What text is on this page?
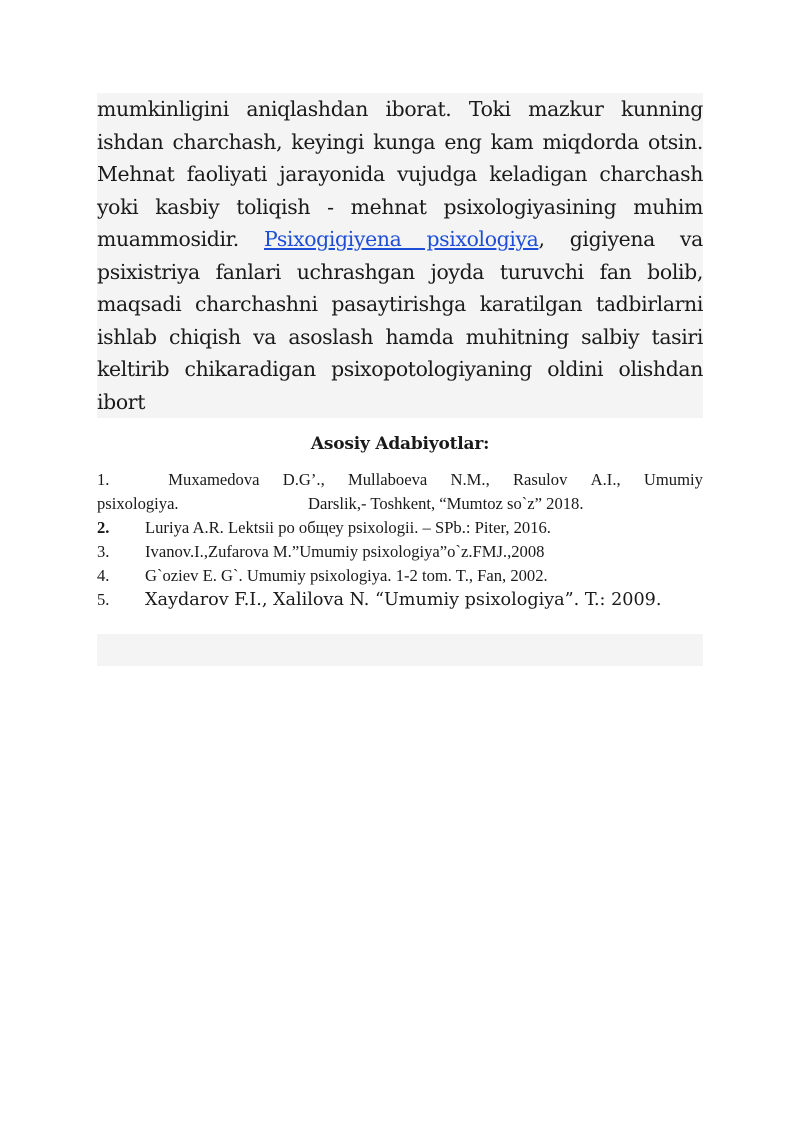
mumkinligini aniqlashdan iborat. Toki mazkur kunning ishdan charchash, keyingi kunga eng kam miqdorda otsin. Mehnat faoliyati jarayonida vujudga keladigan charchash yoki kasbiy toliqish - mehnat psixologiyasining muhim muammosidir. Psixogigiyena psixologiya, gigiyena va psixistriya fanlari uchrashgan joyda turuvchi fan bolib, maqsadi charchashni pasaytirishga karatilgan tadbirlarni ishlab chiqish va asoslash hamda muhitning salbiy tasiri keltirib chikaradigan psixopotologiyaning oldini olishdan ibort

Asosiy Adabiyotlar:
1.	Muxamedova D.G’., Mullaboeva N.M., Rasulov A.I., Umumiy
psixologiya.	Darslik,- Toshkent, “Mumtoz so`z” 2018.
2.	Luriya A.R. Lektsii po общеу psixologii. – SPb.: Piter, 2016.
3.	Ivanov.I.,Zufarova M.”Umumiy psixologiya”o`z.FMJ.,2008
4.	G`oziev E. G`. Umumiy psixologiya. 1-2 tom. T., Fan, 2002.
5.	Xaydarov F.I., Xalilova N. “Umumiy psixologiya”. T.: 2009.
